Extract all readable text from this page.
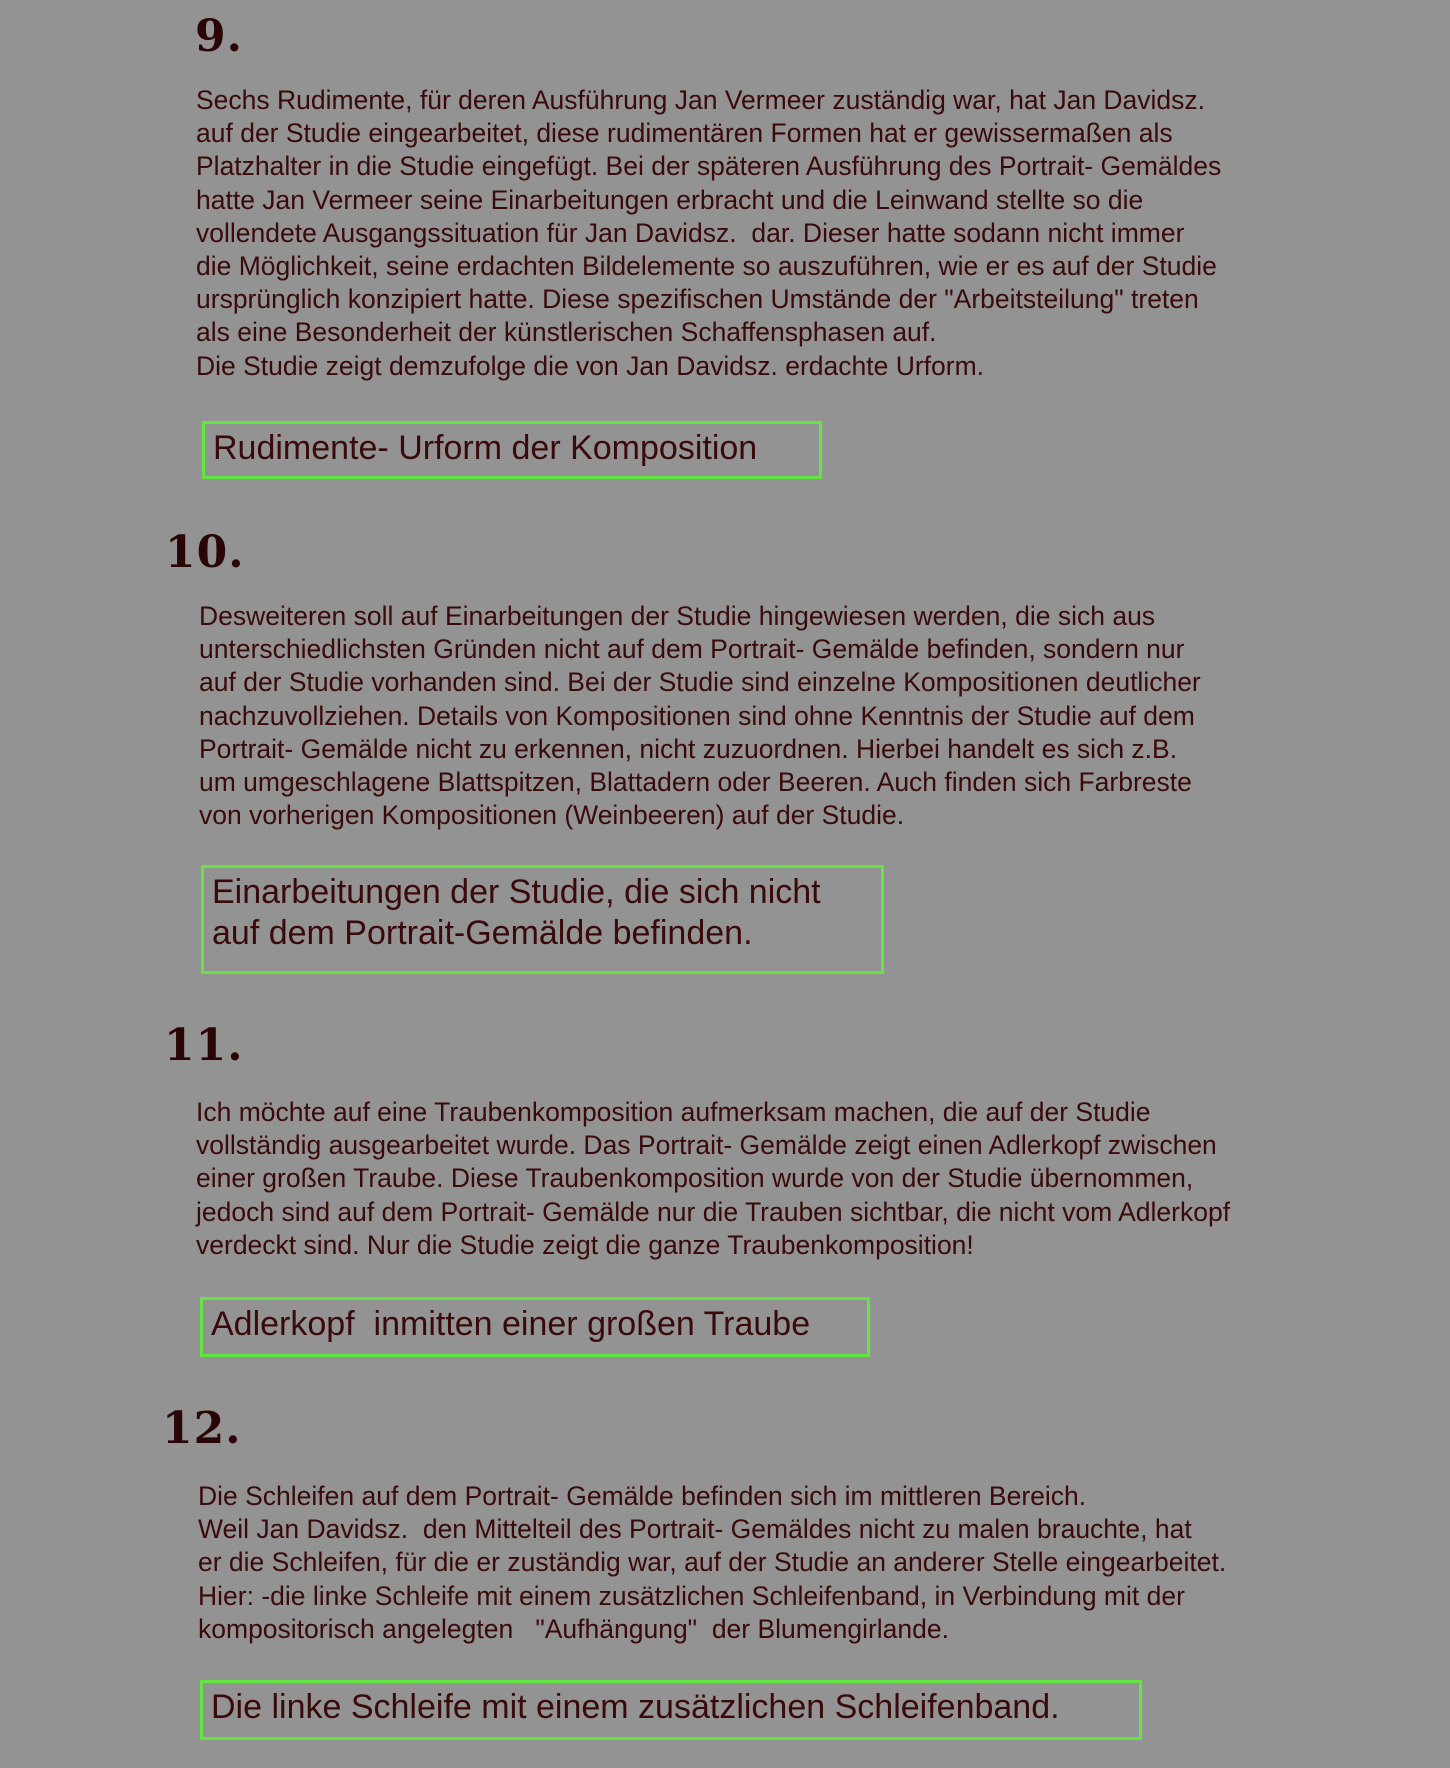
9.

Sechs Rudimente, für deren Ausführung Jan Vermeer zuständig war, hat Jan Davidsz.
auf der Studie eingearbeitet, diese rudimentären Formen hat er gewissermaßen als
Platzhalter in die Studie eingefügt. Bei der späteren Ausführung des Portrait- Gemäldes
hatte Jan Vermeer seine Einarbeitungen erbracht und die Leinwand stellte so die
vollendete Ausgangssituation für Jan Davidsz.  dar. Dieser hatte sodann nicht immer
die Möglichkeit, seine erdachten Bildelemente so auszuführen, wie er es auf der Studie
ursprünglich konzipiert hatte. Diese spezifischen Umstände der "Arbeitsteilung" treten
als eine Besonderheit der künstlerischen Schaffensphasen auf.
Die Studie zeigt demzufolge die von Jan Davidsz. erdachte Urform.

Rudimente- Urform der Komposition
10.

Desweiteren soll auf Einarbeitungen der Studie hingewiesen werden, die sich aus
unterschiedlichsten Gründen nicht auf dem Portrait- Gemälde befinden, sondern nur
auf der Studie vorhanden sind. Bei der Studie sind einzelne Kompositionen deutlicher
nachzuvollziehen. Details von Kompositionen sind ohne Kenntnis der Studie auf dem
Portrait- Gemälde nicht zu erkennen, nicht zuzuordnen. Hierbei handelt es sich z.B.
um umgeschlagene Blattspitzen, Blattadern oder Beeren. Auch finden sich Farbreste
von vorherigen Kompositionen (Weinbeeren) auf der Studie.

Einarbeitungen der Studie, die sich nicht
auf dem Portrait-Gemälde befinden.
11.

Ich möchte auf eine Traubenkomposition aufmerksam machen, die auf der Studie
vollständig ausgearbeitet wurde. Das Portrait- Gemälde zeigt einen Adlerkopf zwischen
einer großen Traube. Diese Traubenkomposition wurde von der Studie übernommen,
jedoch sind auf dem Portrait- Gemälde nur die Trauben sichtbar, die nicht vom Adlerkopf
verdeckt sind. Nur die Studie zeigt die ganze Traubenkomposition!

Adlerkopf  inmitten einer großen Traube
12.

Die Schleifen auf dem Portrait- Gemälde befinden sich im mittleren Bereich.
Weil Jan Davidsz.  den Mittelteil des Portrait- Gemäldes nicht zu malen brauchte, hat
er die Schleifen, für die er zuständig war, auf der Studie an anderer Stelle eingearbeitet.
Hier: -die linke Schleife mit einem zusätzlichen Schleifenband, in Verbindung mit der
kompositorisch angelegten   "Aufhängung"  der Blumengirlande.

Die linke Schleife mit einem zusätzlichen Schleifenband.
